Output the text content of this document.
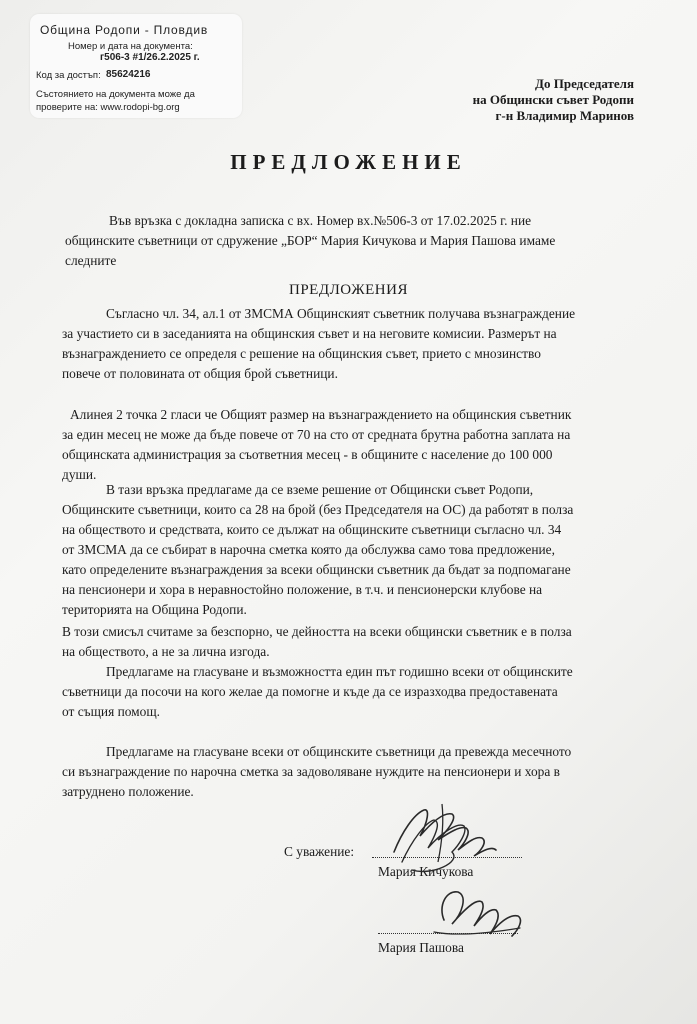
Община Родопи - Пловдив
Номер и дата на документа:
г506-3 #1/26.2.2025 г.
Код за достъп: 85624216
Състоянието на документа може да
проверите на: www.rodopi-bg.org
До Председателя
на Общински съвет Родопи
г-н Владимир Маринов
ПРЕДЛОЖЕНИЕ
Във връзка с докладна записка с вх. Номер вх.№506-3 от 17.02.2025 г. ние
общинските съветници от сдружение „БОР“ Мария Кичукова и Мария Пашова имаме
следните
ПРЕДЛОЖЕНИЯ
Съгласно чл. 34, ал.1 от ЗМСМА Общинският съветник получава възнаграждение
за участието си в заседанията на общинския съвет и на неговите комисии. Размерът на
възнаграждението се определя с решение на общинския съвет, прието с мнозинство
повече от половината от общия брой съветници.
Алинея 2 точка 2 гласи че Общият размер на възнаграждението на общинския съветник
за един месец не може да бъде повече от 70 на сто от средната брутна работна заплата на
общинската администрация за съответния месец - в общините с население до 100 000
души.
В тази връзка предлагаме да се вземе решение от Общински съвет Родопи,
Общинските съветници, които са 28 на брой (без Председателя на ОС) да работят в полза
на обществото и средствата, които се дължат на общинските съветници съгласно чл. 34
от ЗМСМА да се събират в нарочна сметка която да обслужва само това предложение,
като определените възнаграждения за всеки общински съветник да бъдат за подпомагане
на пенсионери и хора в неравностойно положение, в т.ч. и пенсионерски клубове на
територията на Община Родопи.
В този смисъл считаме за безспорно, че дейността на всеки общински съветник е в полза
на обществото, а не за лична изгода.
Предлагаме на гласуване и възможността един път годишно всеки от общинските
съветници да посочи на кого желае да помогне и къде да се изразходва предоставената
от същия помощ.
Предлагаме на гласуване всеки от общинските съветници да превежда месечното
си възнаграждение по нарочна сметка за задоволяване нуждите на пенсионери и хора в
затруднено положение.
С уважение:
Мария Кичукова
Мария Пашова
